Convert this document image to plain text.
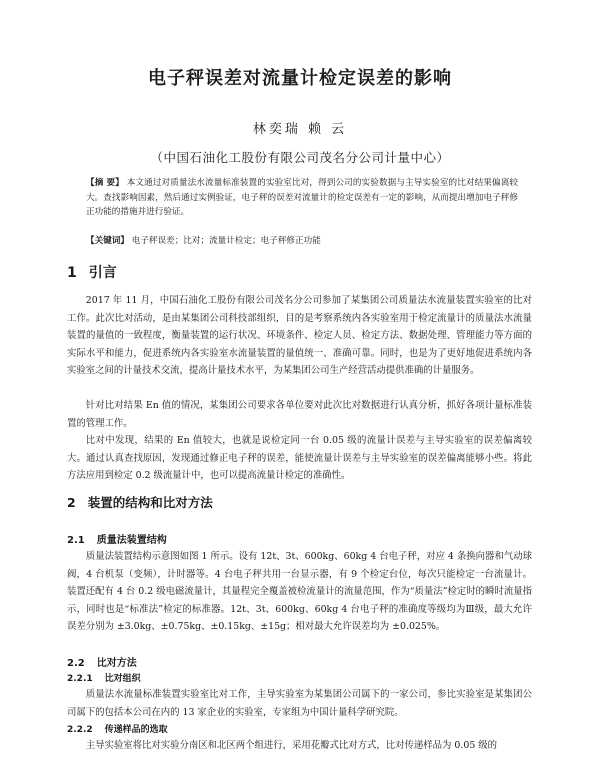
电子秤误差对流量计检定误差的影响
林奕瑞 赖 云
（中国石油化工股份有限公司茂名分公司计量中心）
【摘 要】 本文通过对质量法水流量标准装置的实验室比对，得到公司的实验数据与主导实验室的比对结果偏离较大。查找影响因素，然后通过实例验证，电子秤的误差对流量计的检定误差有一定的影响，从而提出增加电子秤修正功能的措施并进行验证。
【关键词】 电子秤误差；比对；流量计检定；电子秤修正功能
1 引言
2017 年 11 月，中国石油化工股份有限公司茂名分公司参加了某集团公司质量法水流量装置实验室的比对工作。此次比对活动，是由某集团公司科技部组织，目的是考察系统内各实验室用于检定流量计的质量法水流量装置的量值的一致程度，衡量装置的运行状况、环境条件、检定人员、检定方法、数据处理、管理能力等方面的实际水平和能力，促进系统内各实验室水流量装置的量值统一、准确可靠。同时，也是为了更好地促进系统内各实验室之间的计量技术交流，提高计量技术水平，为某集团公司生产经营活动提供准确的计量服务。
针对比对结果 En 值的情况，某集团公司要求各单位要对此次比对数据进行认真分析，抓好各项计量标准装置的管理工作。
比对中发现，结果的 En 值较大，也就是说检定同一台 0.05 级的流量计误差与主导实验室的误差偏离较大。通过认真查找原因，发现通过修正电子秤的误差，能使流量计误差与主导实验室的误差偏离能够小些。将此方法应用到检定 0.2 级流量计中，也可以提高流量计检定的准确性。
2 装置的结构和比对方法
2.1 质量法装置结构
质量法装置结构示意图如图 1 所示。设有 12t、3t、600kg、60kg 4 台电子秤，对应 4 条换向器和气动球阀，4 台机泵（变频），计时器等。4 台电子秤共用一台显示器，有 9 个检定台位，每次只能检定一台流量计。装置还配有 4 台 0.2 级电磁流量计，其量程完全覆盖被检流量计的流量范围，作为“质量法”检定时的瞬时流量指示，同时也是“标准法”检定的标准器。12t、3t、600kg、60kg 4 台电子秤的准确度等级均为Ⅲ级，最大允许误差分别为 ±3.0kg、±0.75kg、±0.15kg、±15g；相对最大允许误差均为 ±0.025%。
2.2 比对方法
2.2.1 比对组织
质量法水流量标准装置实验室比对工作，主导实验室为某集团公司属下的一家公司，参比实验室是某集团公司属下的包括本公司在内的 13 家企业的实验室，专家组为中国计量科学研究院。
2.2.2 传递样品的选取
主导实验室将比对实验分南区和北区两个组进行，采用花瓣式比对方式，比对传递样品为 0.05 级的
